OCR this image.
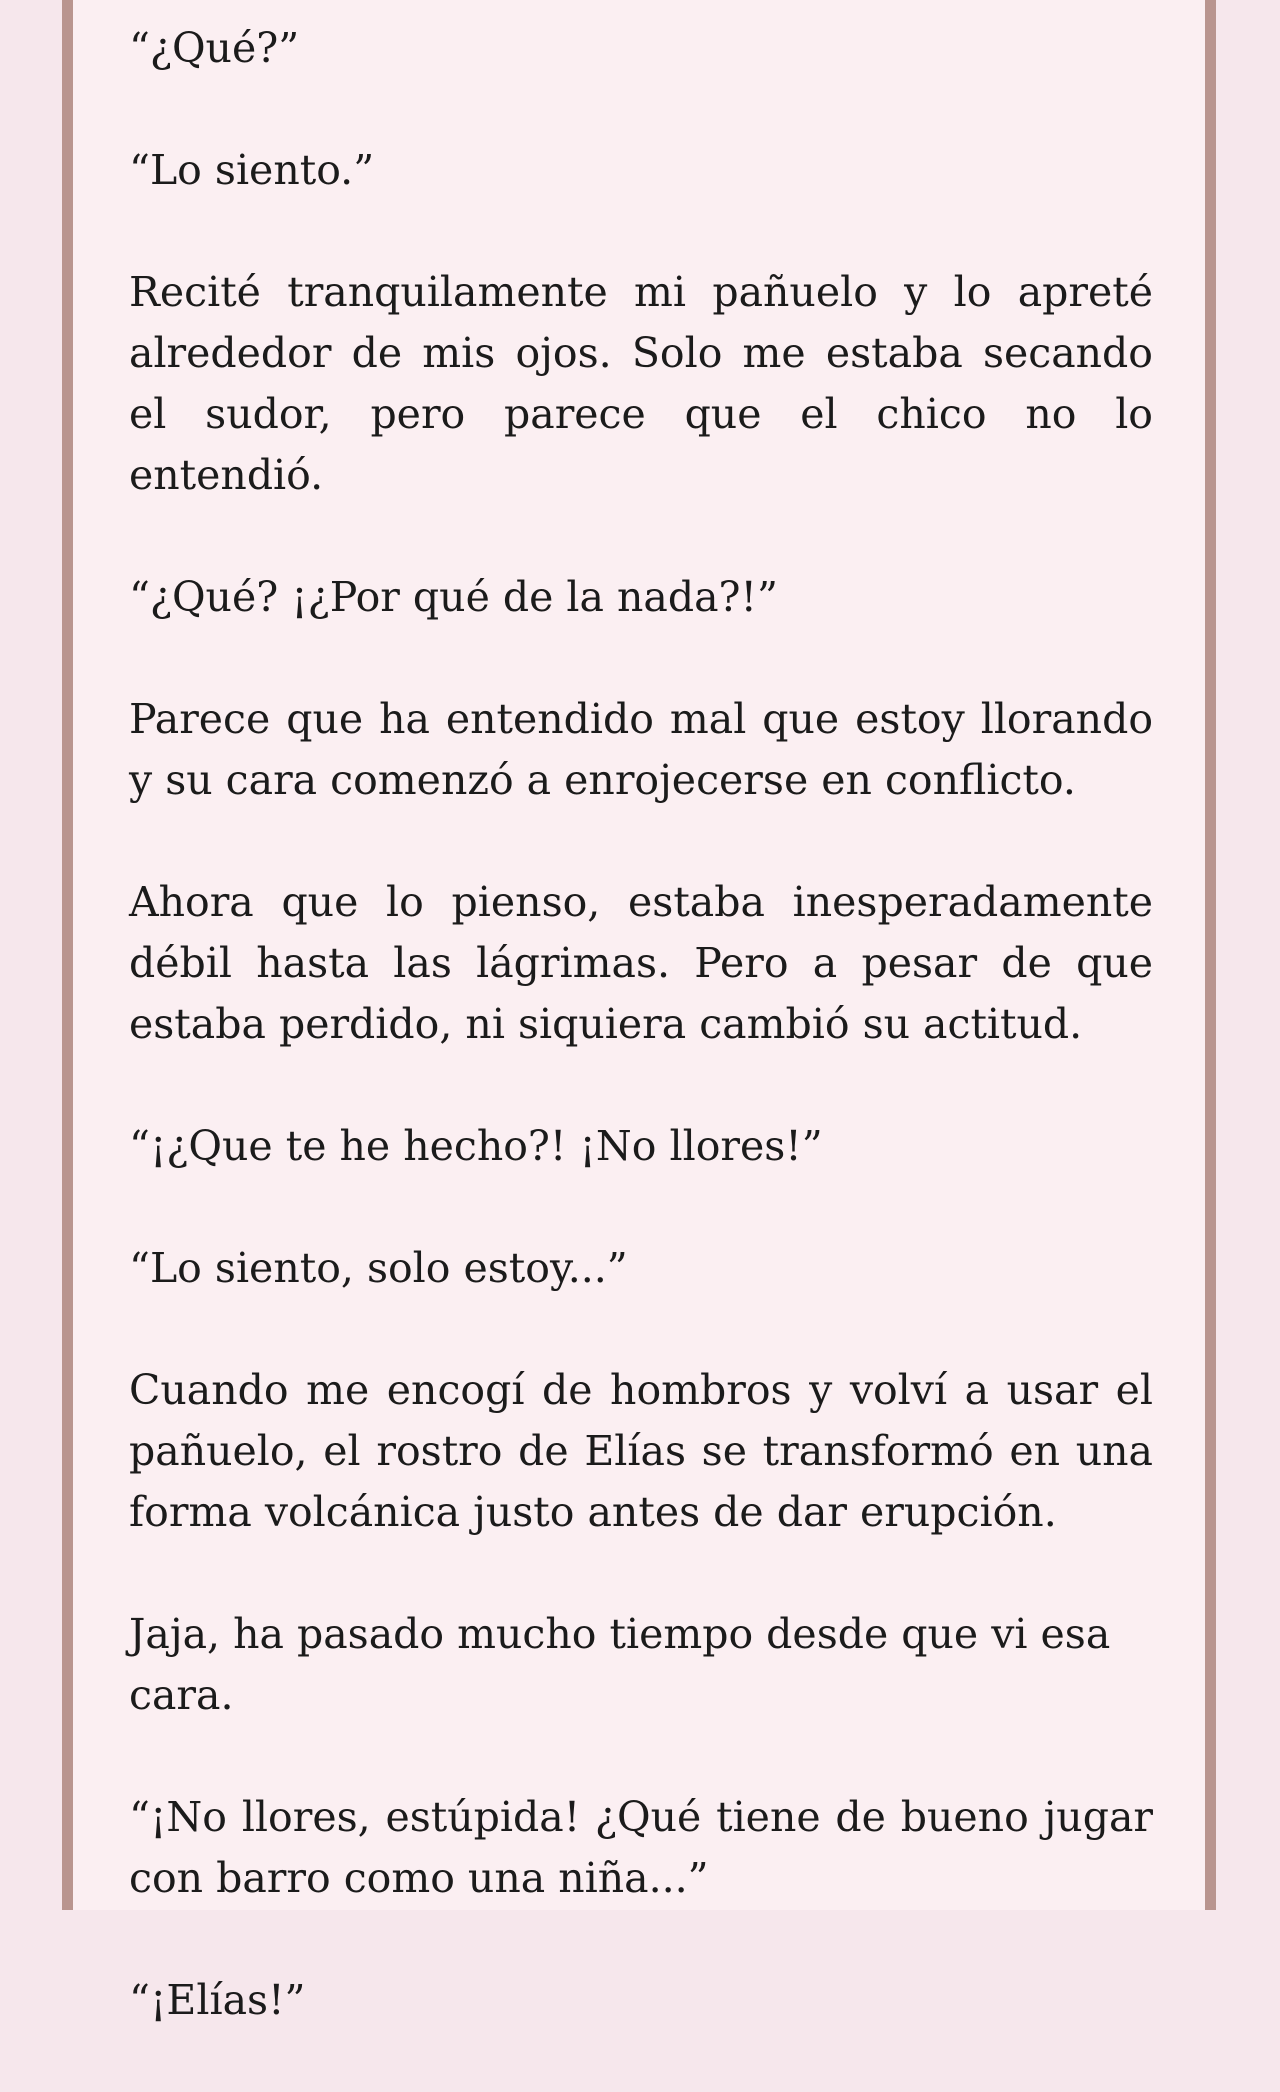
“¿Qué?”

“Lo siento.”

Recité tranquilamente mi pañuelo y lo apreté alrededor de mis ojos. Solo me estaba secando el sudor, pero parece que el chico no lo entendió.

“¿Qué? ¡¿Por qué de la nada?!”

Parece que ha entendido mal que estoy llorando y su cara comenzó a enrojecerse en conflicto.

Ahora que lo pienso, estaba inesperadamente débil hasta las lágrimas. Pero a pesar de que estaba perdido, ni siquiera cambió su actitud.

“¡¿Que te he hecho?! ¡No llores!”

“Lo siento, solo estoy...”

Cuando me encogí de hombros y volví a usar el pañuelo, el rostro de Elías se transformó en una forma volcánica justo antes de dar erupción.

Jaja, ha pasado mucho tiempo desde que vi esa cara.

“¡No llores, estúpida! ¿Qué tiene de bueno jugar con barro como una niña...”

“¡Elías!”
